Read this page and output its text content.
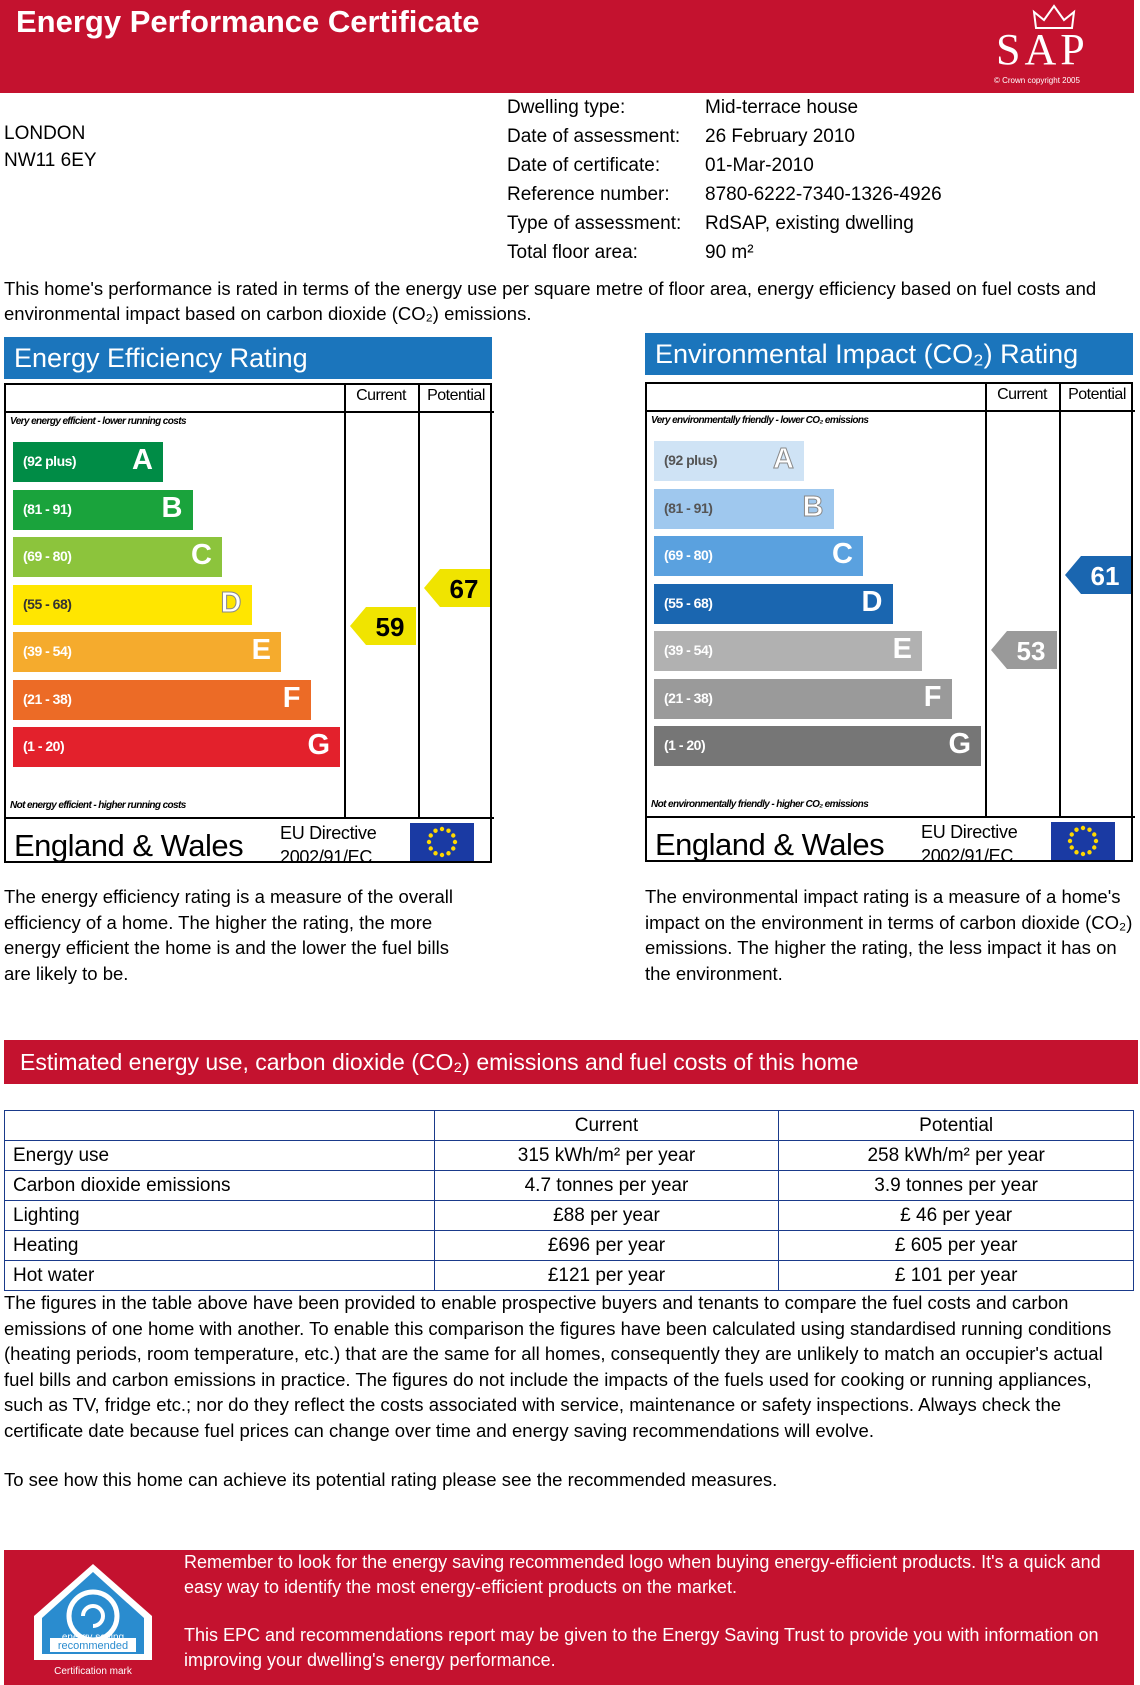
Energy Performance Certificate
SAP
© Crown copyright 2005
LONDON
NW11 6EY
Dwelling type:	Mid-terrace house
Date of assessment: 26 February 2010
Date of certificate: 01-Mar-2010
Reference number: 8780-6222-7340-1326-4926
Type of assessment: RdSAP, existing dwelling
Total floor area:	90 m²
This home's performance is rated in terms of the energy use per square metre of floor area, energy efficiency based on fuel costs and environmental impact based on carbon dioxide (CO₂) emissions.
Energy Efficiency Rating
Current	Potential
Very energy efficient - lower running costs
Not energy efficient - higher running costs
(92 plus) A
(81 - 91)	B
(69 - 80)	C
(55 - 68)	D
(39 - 54)	E
(21 - 38)	F
(1 - 20)	G
59
67
England & Wales EU Directive
2002/91/EC
The energy efficiency rating is a measure of the overall efficiency of a home. The higher the rating, the more energy efficient the home is and the lower the fuel bills are likely to be.
Environmental Impact (CO₂) Rating
Current	Potential
Very environmentally friendly - lower CO₂ emissions
Not environmentally friendly - higher CO₂ emissions
(92 plus) A
(81 - 91)	B
(69 - 80)	C
(55 - 68)	D
(39 - 54)	E
(21 - 38)	F
(1 - 20)	G
53
61
England & Wales EU Directive
2002/91/EC
The environmental impact rating is a measure of a home's impact on the environment in terms of carbon dioxide (CO₂) emissions. The higher the rating, the less impact it has on the environment.
Estimated energy use, carbon dioxide (CO₂) emissions and fuel costs of this home
	Current	Potential
Energy use	315 kWh/m² per year	258 kWh/m² per year
Carbon dioxide emissions	4.7 tonnes per year	3.9 tonnes per year
Lighting	£88 per year	£ 46 per year
Heating	£696 per year	£ 605 per year
Hot water	£121 per year	£ 101 per year
The figures in the table above have been provided to enable prospective buyers and tenants to compare the fuel costs and carbon emissions of one home with another. To enable this comparison the figures have been calculated using standardised running conditions (heating periods, room temperature, etc.) that are the same for all homes, consequently they are unlikely to match an occupier's actual fuel bills and carbon emissions in practice. The figures do not include the impacts of the fuels used for cooking or running appliances, such as TV, fridge etc.; nor do they reflect the costs associated with service, maintenance or safety inspections. Always check the certificate date because fuel prices can change over time and energy saving recommendations will evolve.
To see how this home can achieve its potential rating please see the recommended measures.
energy saving
recommended
Certification mark

Remember to look for the energy saving recommended logo when buying energy-efficient products. It's a quick and easy way to identify the most energy-efficient products on the market.

This EPC and recommendations report may be given to the Energy Saving Trust to provide you with information on improving your dwelling's energy performance.
